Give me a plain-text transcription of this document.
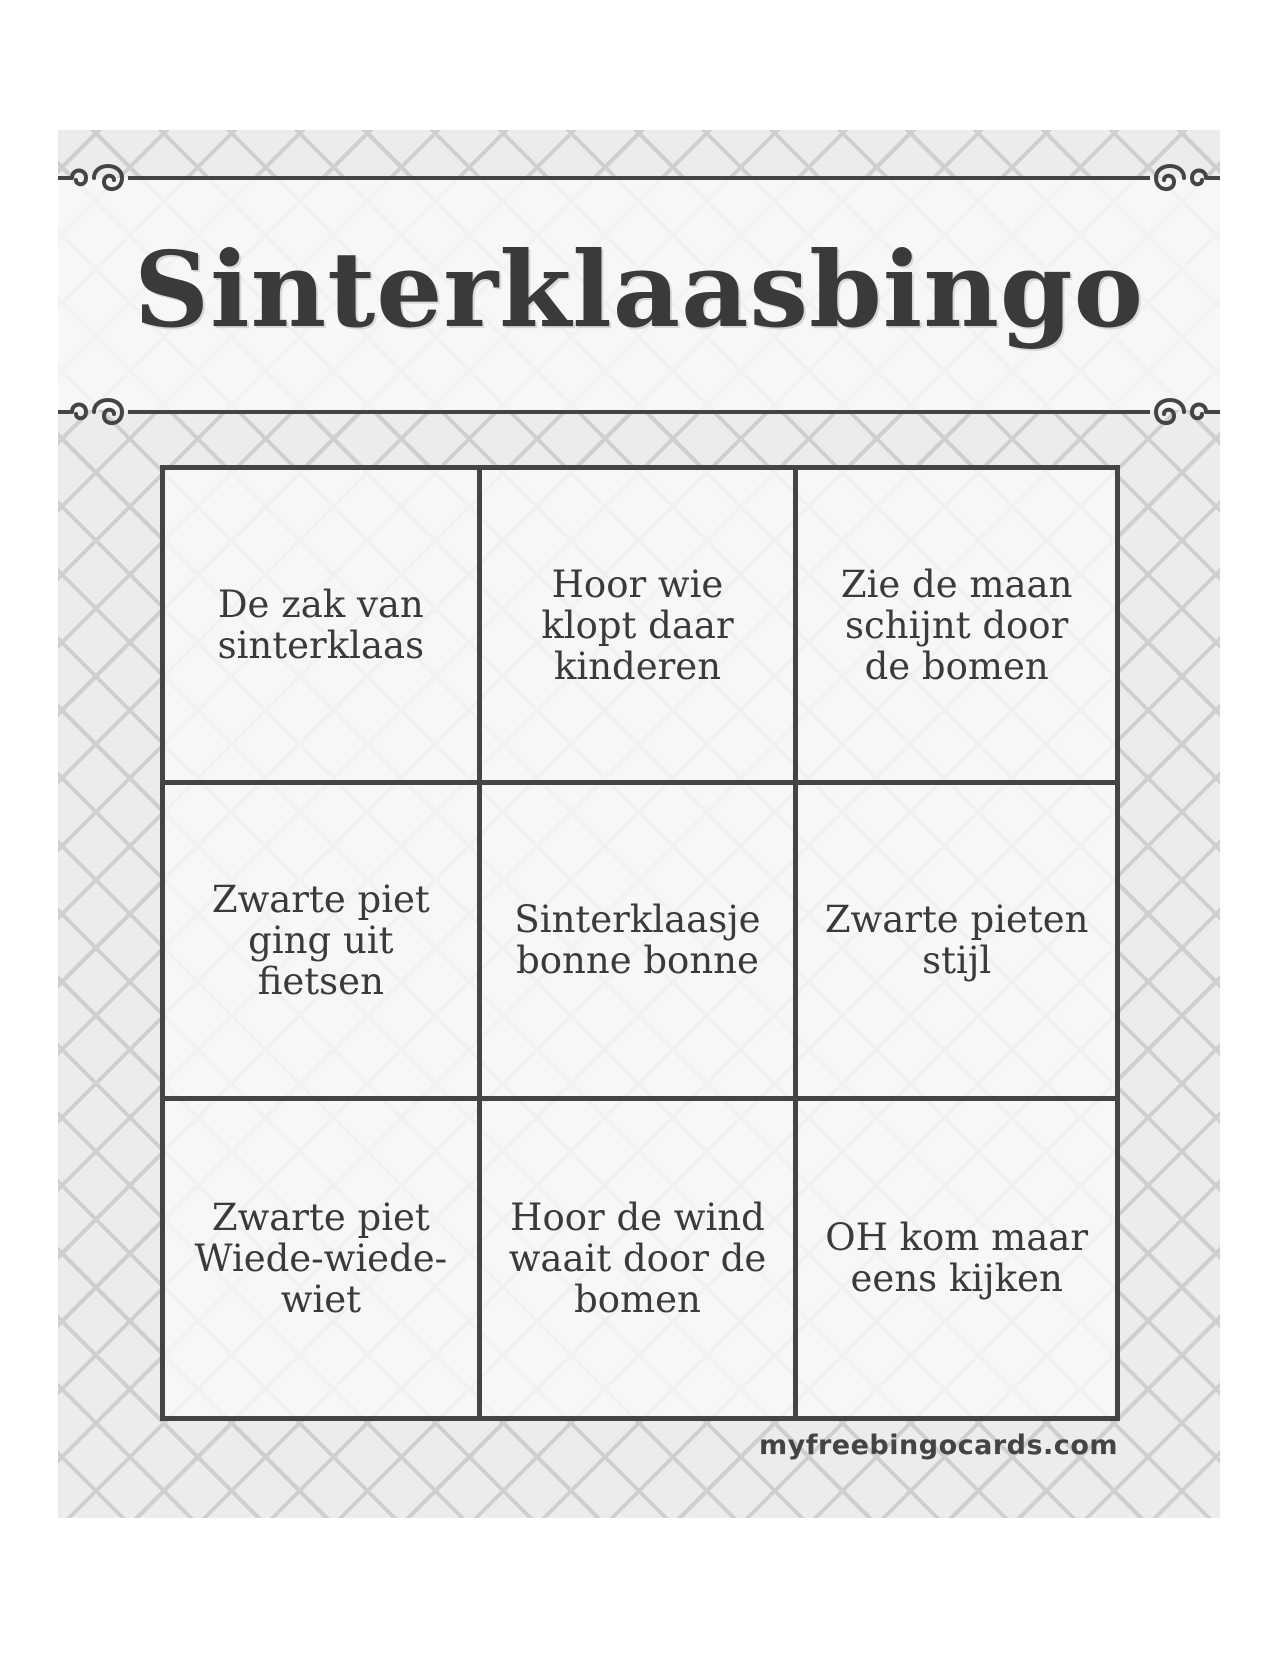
Sinterklaasbingo
De zak van sinterklaas
Hoor wie klopt daar kinderen
Zie de maan schijnt door de bomen
Zwarte piet ging uit fietsen
Sinterklaasje bonne bonne
Zwarte pieten stijl
Zwarte piet Wiede-wiede-wiet
Hoor de wind waait door de bomen
OH kom maar eens kijken
myfreebingocards.com
